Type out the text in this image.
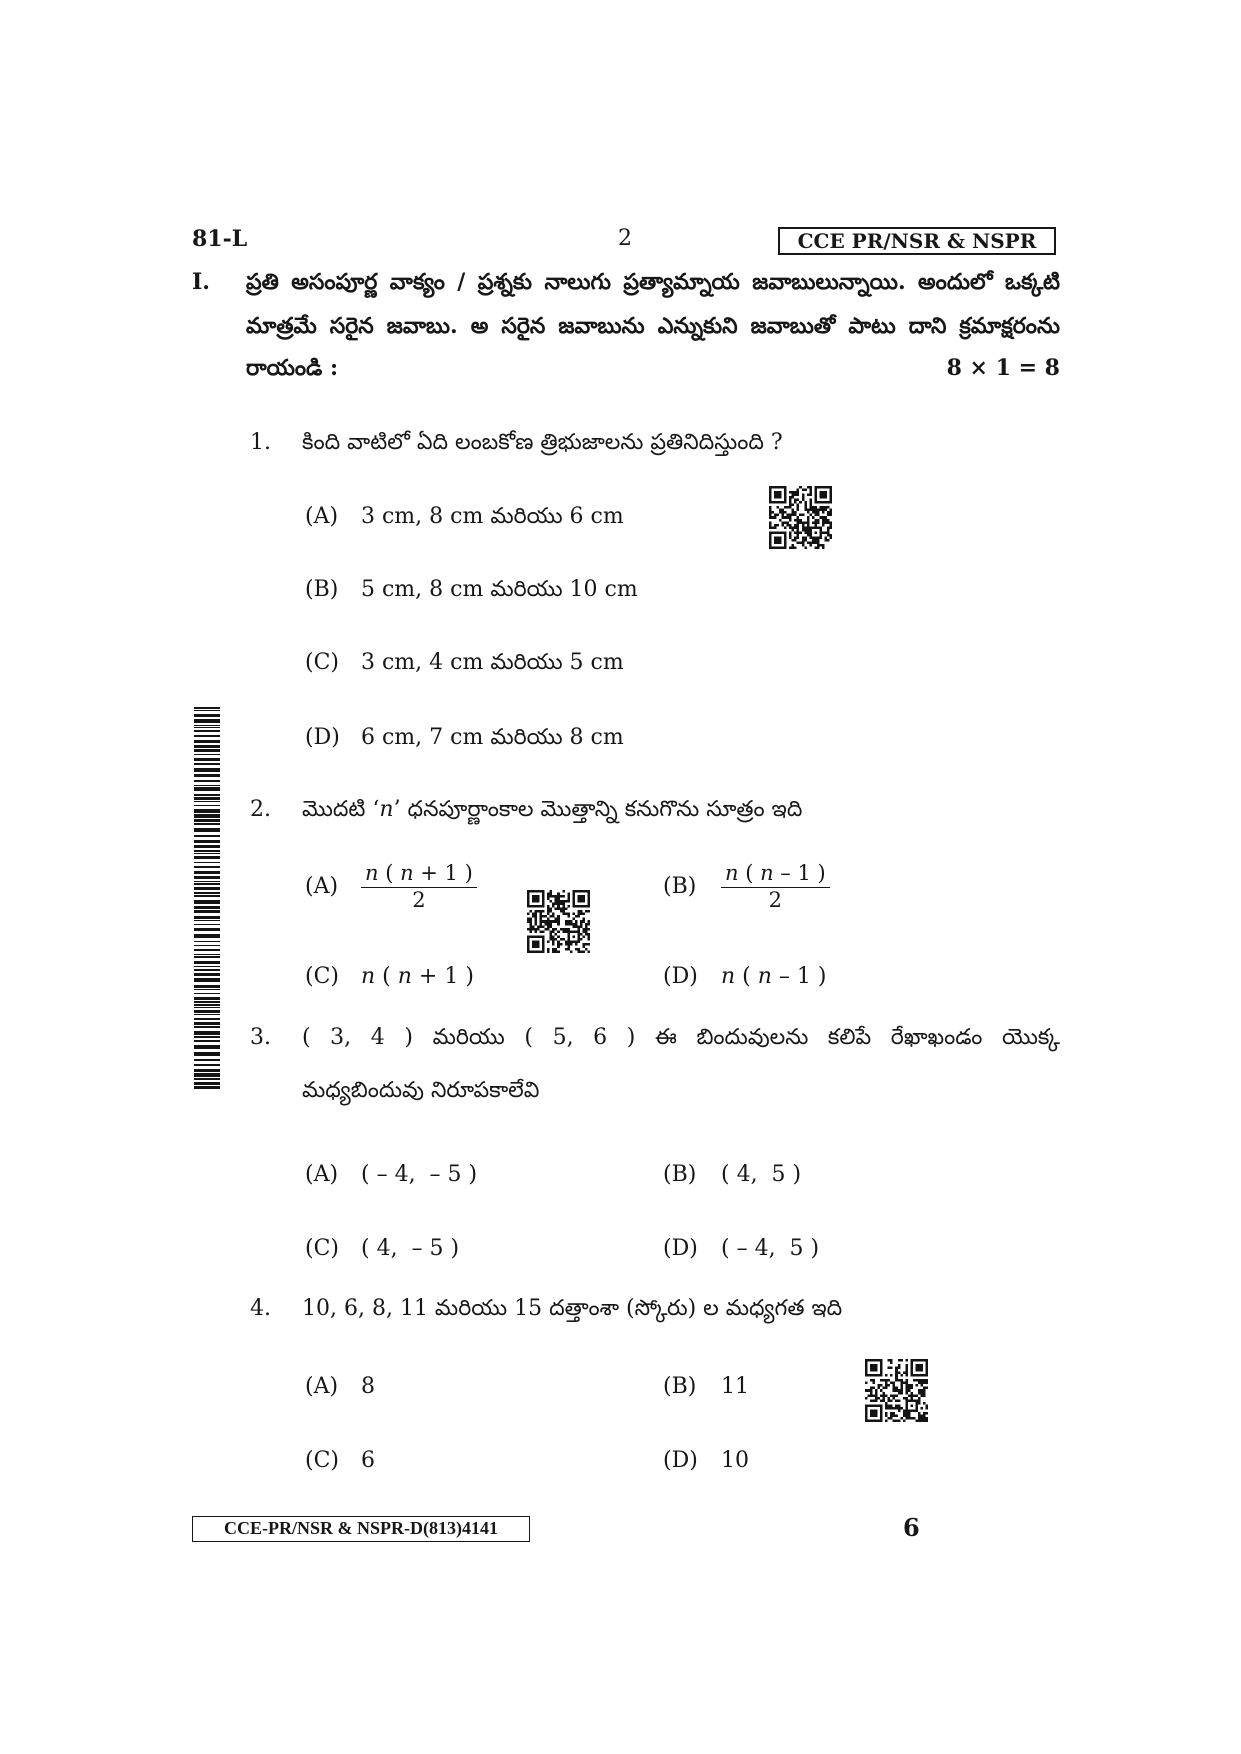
81-L	2	CCE PR/NSR & NSPR
I. ప్రతి అసంపూర్ణ వాక్యం / ప్రశ్నకు నాలుగు ప్రత్యామ్నాయ జవాబులున్నాయి. అందులో ఒక్కటి
మాత్రమే సరైన జవాబు. అ సరైన జవాబును ఎన్నుకుని జవాబుతో పాటు దాని క్రమాక్షరంను
రాయండి :	8 × 1 = 8
1. కింది వాటిలో ఏది లంబకోణ త్రిభుజాలను ప్రతినిదిస్తుంది ?
(A)	3 cm, 8 cm మరియు 6 cm
(B)	5 cm, 8 cm మరియు 10 cm
(C)	3 cm, 4 cm మరియు 5 cm
(D) 6 cm, 7 cm మరియు 8 cm
2. మొదటి ‘n’ ధనపూర్ణాంకాల మొత్తాన్ని కనుగొను సూత్రం ఇది
(A)	$\frac{n ( n + 1 )}{2}$	(B)	$\frac{n ( n - 1 )}{2}$
(C)	n ( n + 1 )	(D)	n ( n – 1 )
3. ( 3, 4 ) మరియు ( 5, 6 ) ఈ బిందువులను కలిపే రేఖాఖండం యొక్క
మధ్యబిందువు నిరూపకాలేవి
(A)	( – 4,  – 5 )	(B)	( 4,  5 )
(C)	( 4,  – 5 )	(D)	( – 4,  5 )
4. 10, 6, 8, 11 మరియు 15 దత్తాంశా (స్కోరు) ల మధ్యగత ఇది
(A)	8	(B)	11
(C)	6	(D)	10
CCE-PR/NSR & NSPR-D(813)4141	6
